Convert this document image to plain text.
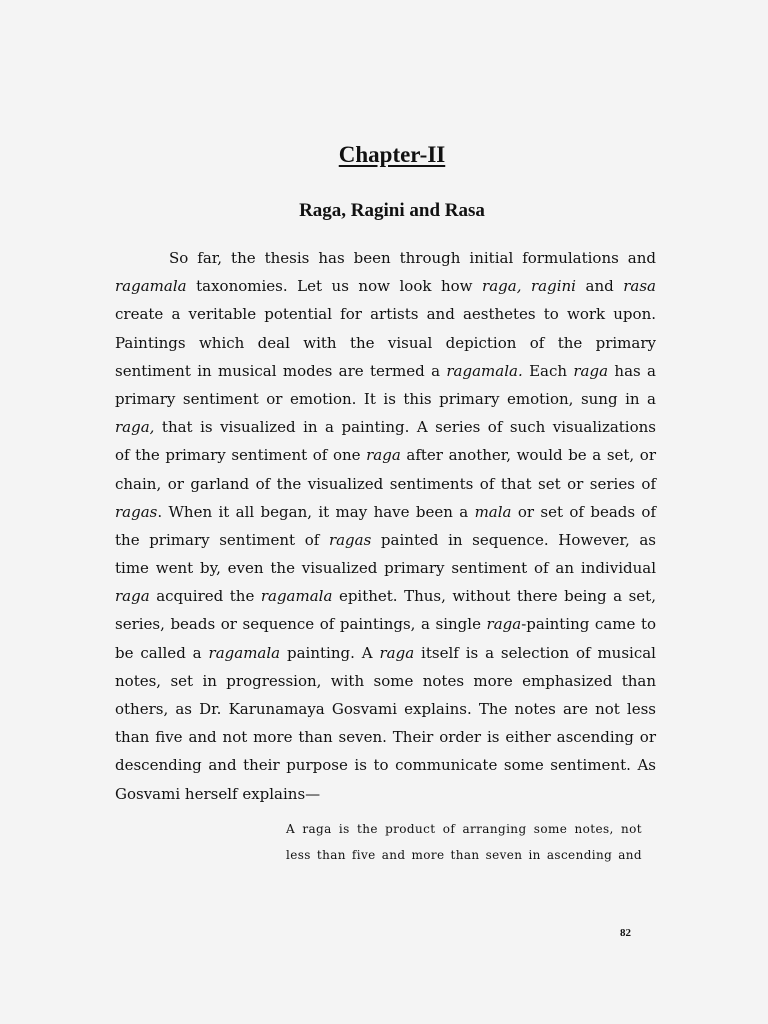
Chapter-II
Raga, Ragini and Rasa
So far, the thesis has been through initial formulations and
ragamala taxonomies. Let us now look how raga, ragini and rasa
create a veritable potential for artists and aesthetes to work upon.
Paintings which deal with the visual depiction of the primary
sentiment in musical modes are termed a ragamala. Each raga has a
primary sentiment or emotion. It is this primary emotion, sung in a
raga, that is visualized in a painting. A series of such visualizations
of the primary sentiment of one raga after another, would be a set, or
chain, or garland of the visualized sentiments of that set or series of
ragas. When it all began, it may have been a mala or set of beads of
the primary sentiment of ragas painted in sequence. However, as
time went by, even the visualized primary sentiment of an individual
raga acquired the ragamala epithet. Thus, without there being a set,
series, beads or sequence of paintings, a single raga-painting came to
be called a ragamala painting. A raga itself is a selection of musical
notes, set in progression, with some notes more emphasized than
others, as Dr. Karunamaya Gosvami explains. The notes are not less
than five and not more than seven. Their order is either ascending or
descending and their purpose is to communicate some sentiment. As
Gosvami herself explains—
A raga is the product of arranging some notes, not
less than five and more than seven in ascending and
82
